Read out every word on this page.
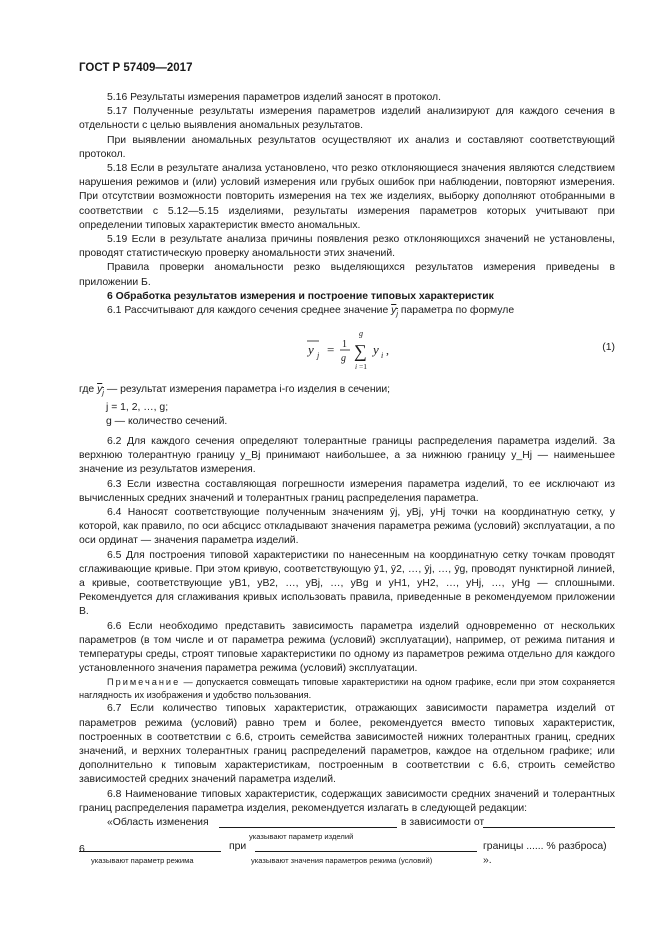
ГОСТ Р 57409—2017

5.16 Результаты измерения параметров изделий заносят в протокол.

5.17 Полученные результаты измерения параметров изделий анализируют для каждого сечения в отдельности с целью выявления аномальных результатов.

При выявлении аномальных результатов осуществляют их анализ и составляют соответствующий протокол.

5.18 Если в результате анализа установлено, что резко отклоняющиеся значения являются следствием нарушения режимов и (или) условий измерения или грубых ошибок при наблюдении, повторяют измерения. При отсутствии возможности повторить измерения на тех же изделиях, выборку дополняют отобранными в соответствии с 5.12—5.15 изделиями, результаты измерения параметров которых учитывают при определении типовых характеристик вместо аномальных.

5.19 Если в результате анализа причины появления резко отклоняющихся значений не установлены, проводят статистическую проверку аномальности этих значений.

Правила проверки аномальности резко выделяющихся результатов измерения приведены в приложении Б.

6 Обработка результатов измерения и построение типовых характеристик

6.1 Рассчитывают для каждого сечения среднее значение $y_j$ параметра по формуле

y j = 1
g
g
∑
i =1
y i ,	(1)
где $y_j$ — результат измерения параметра i-го изделия в сечении;
j = 1, 2, …, g;
g — количество сечений.

6.2 Для каждого сечения определяют толерантные границы распределения параметра изделий. За верхнюю толерантную границу y_Bj принимают наибольшее, а за нижнюю границу y_Hj — наименьшее значение из результатов измерения.

6.3 Если известна составляющая погрешности измерения параметра изделий, то ее исключают из вычисленных средних значений и толерантных границ распределения параметра.

6.4 Наносят соответствующие полученным значениям ȳj, yBj, yHj точки на координатную сетку, у которой, как правило, по оси абсцисс откладывают значения параметра режима (условий) эксплуатации, а по оси ординат — значения параметра изделий.

6.5 Для построения типовой характеристики по нанесенным на координатную сетку точкам проводят сглаживающие кривые. При этом кривую, соответствующую ȳ1, ȳ2, …, ȳj, …, ȳg, проводят пунктирной линией, а кривые, соответствующие yB1, yB2, …, yBj, …, yBg и yH1, yH2, …, yHj, …, yHg — сплошными. Рекомендуется для сглаживания кривых использовать правила, приведенные в рекомендуемом приложении В.

6.6 Если необходимо представить зависимость параметра изделий одновременно от нескольких параметров (в том числе и от параметра режима (условий) эксплуатации), например, от режима питания и температуры среды, строят типовые характеристики по одному из параметров режима отдельно для каждого установленного значения параметра режима (условий) эксплуатации.

Примечание — допускается совмещать типовые характеристики на одном графике, если при этом сохраняется наглядность их изображения и удобство пользования.

6.7 Если количество типовых характеристик, отражающих зависимости параметра изделий от параметров режима (условий) равно трем и более, рекомендуется вместо типовых характеристик, построенных в соответствии с 6.6, строить семейства зависимостей нижних толерантных границ, средних значений, и верхних толерантных границ распределений параметров, каждое на отдельном графике; или дополнительно к типовым характеристикам, построенным в соответствии с 6.6, строить семейство зависимостей средних значений параметра изделий.

6.8 Наименование типовых характеристик, содержащих зависимости средних значений и толерантных границ распределения параметра изделия, рекомендуется излагать в следующей редакции:

«Область изменения	в зависимости от
указывают параметр изделий
при	границы ...... % разброса) ».
указывают параметр режима	указывают значения параметров режима (условий)
6
